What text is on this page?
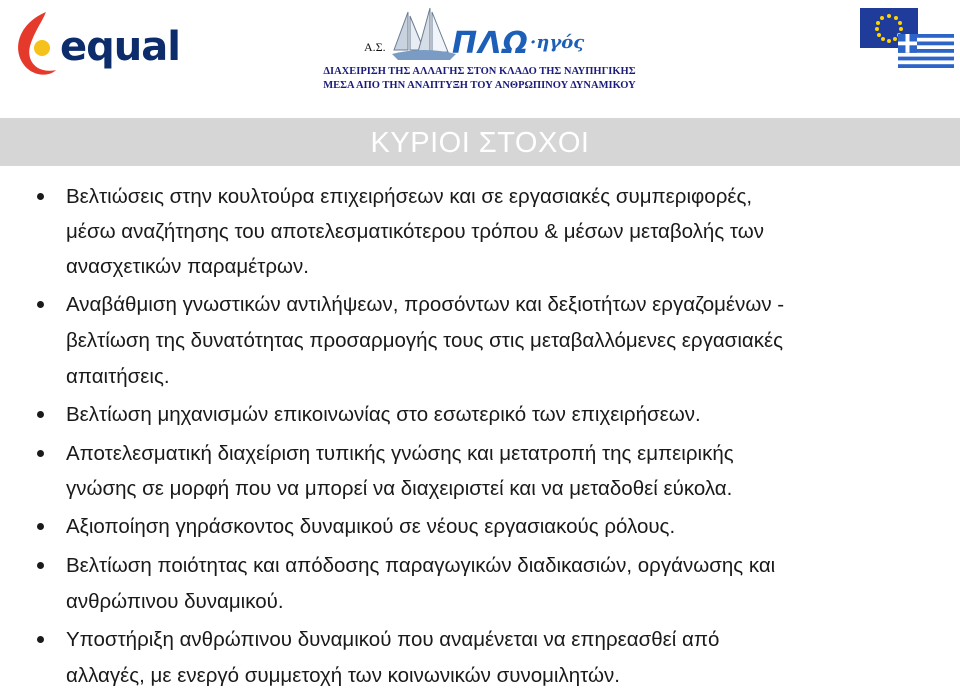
equal	Α.Σ. ΠΛΩ ·ηγός
ΔΙΑΧΕΙΡΙΣΗ ΤΗΣ ΑΛΛΑΓΗΣ ΣΤΟΝ ΚΛΑΔΟ ΤΗΣ ΝΑΥΠΗΓΙΚΗΣ
ΜΕΣΑ ΑΠΟ ΤΗΝ ΑΝΑΠΤΥΞΗ ΤΟΥ ΑΝΘΡΩΠΙΝΟΥ ΔΥΝΑΜΙΚΟΥ
ΚΥΡΙΟΙ ΣΤΟΧΟΙ
Βελτιώσεις στην κουλτούρα επιχειρήσεων και σε εργασιακές συμπεριφορές,
μέσω αναζήτησης του αποτελεσματικότερου τρόπου & μέσων μεταβολής των
ανασχετικών παραμέτρων.
Αναβάθμιση γνωστικών αντιλήψεων, προσόντων και δεξιοτήτων εργαζομένων -
βελτίωση της δυνατότητας προσαρμογής τους στις μεταβαλλόμενες εργασιακές
απαιτήσεις.
Βελτίωση μηχανισμών επικοινωνίας στο εσωτερικό των επιχειρήσεων.
Αποτελεσματική διαχείριση τυπικής γνώσης και μετατροπή της εμπειρικής
γνώσης σε μορφή που να μπορεί να διαχειριστεί και να μεταδοθεί εύκολα.
Αξιοποίηση γηράσκοντος δυναμικού σε νέους εργασιακούς ρόλους.
Βελτίωση ποιότητας και απόδοσης παραγωγικών διαδικασιών, οργάνωσης και
ανθρώπινου δυναμικού.
Υποστήριξη ανθρώπινου δυναμικού που αναμένεται να επηρεασθεί από
αλλαγές, με ενεργό συμμετοχή των κοινωνικών συνομιλητών.
